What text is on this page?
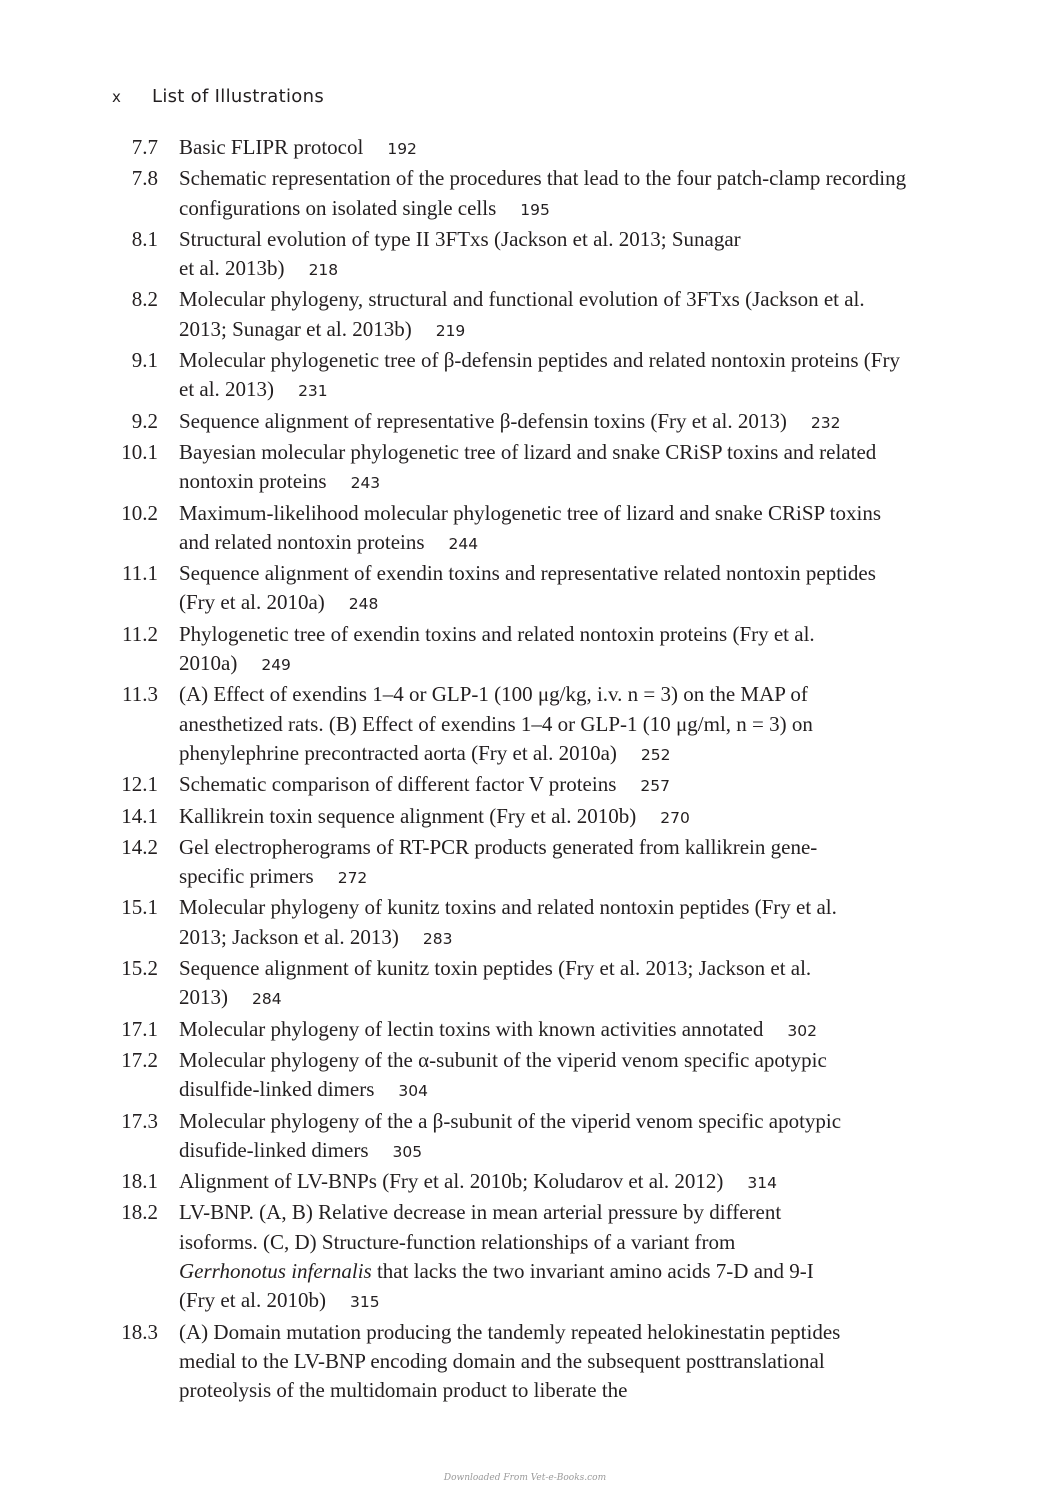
x List of Illustrations
7.7 Basic FLIPR protocol 192
7.8 Schematic representation of the procedures that lead to the four patch-clamp recording configurations on isolated single cells 195
8.1 Structural evolution of type II 3FTxs (Jackson et al. 2013; Sunagar et al. 2013b) 218
8.2 Molecular phylogeny, structural and functional evolution of 3FTxs (Jackson et al. 2013; Sunagar et al. 2013b) 219
9.1 Molecular phylogenetic tree of β-defensin peptides and related nontoxin proteins (Fry et al. 2013) 231
9.2 Sequence alignment of representative β-defensin toxins (Fry et al. 2013) 232
10.1 Bayesian molecular phylogenetic tree of lizard and snake CRiSP toxins and related nontoxin proteins 243
10.2 Maximum-likelihood molecular phylogenetic tree of lizard and snake CRiSP toxins and related nontoxin proteins 244
11.1 Sequence alignment of exendin toxins and representative related nontoxin peptides (Fry et al. 2010a) 248
11.2 Phylogenetic tree of exendin toxins and related nontoxin proteins (Fry et al. 2010a) 249
11.3 (A) Effect of exendins 1–4 or GLP-1 (100 μg/kg, i.v. n = 3) on the MAP of anesthetized rats. (B) Effect of exendins 1–4 or GLP-1 (10 μg/ml, n = 3) on phenylephrine precontracted aorta (Fry et al. 2010a) 252
12.1 Schematic comparison of different factor V proteins 257
14.1 Kallikrein toxin sequence alignment (Fry et al. 2010b) 270
14.2 Gel electropherograms of RT-PCR products generated from kallikrein gene-specific primers 272
15.1 Molecular phylogeny of kunitz toxins and related nontoxin peptides (Fry et al. 2013; Jackson et al. 2013) 283
15.2 Sequence alignment of kunitz toxin peptides (Fry et al. 2013; Jackson et al. 2013) 284
17.1 Molecular phylogeny of lectin toxins with known activities annotated 302
17.2 Molecular phylogeny of the α-subunit of the viperid venom specific apotypic disulfide-linked dimers 304
17.3 Molecular phylogeny of the a β-subunit of the viperid venom specific apotypic disufide-linked dimers 305
18.1 Alignment of LV-BNPs (Fry et al. 2010b; Koludarov et al. 2012) 314
18.2 LV-BNP. (A, B) Relative decrease in mean arterial pressure by different isoforms. (C, D) Structure-function relationships of a variant from Gerrhonotus infernalis that lacks the two invariant amino acids 7-D and 9-I (Fry et al. 2010b) 315
18.3 (A) Domain mutation producing the tandemly repeated helokinestatin peptides medial to the LV-BNP encoding domain and the subsequent posttranslational proteolysis of the multidomain product to liberate the
Downloaded From Vet-e-Books.com
